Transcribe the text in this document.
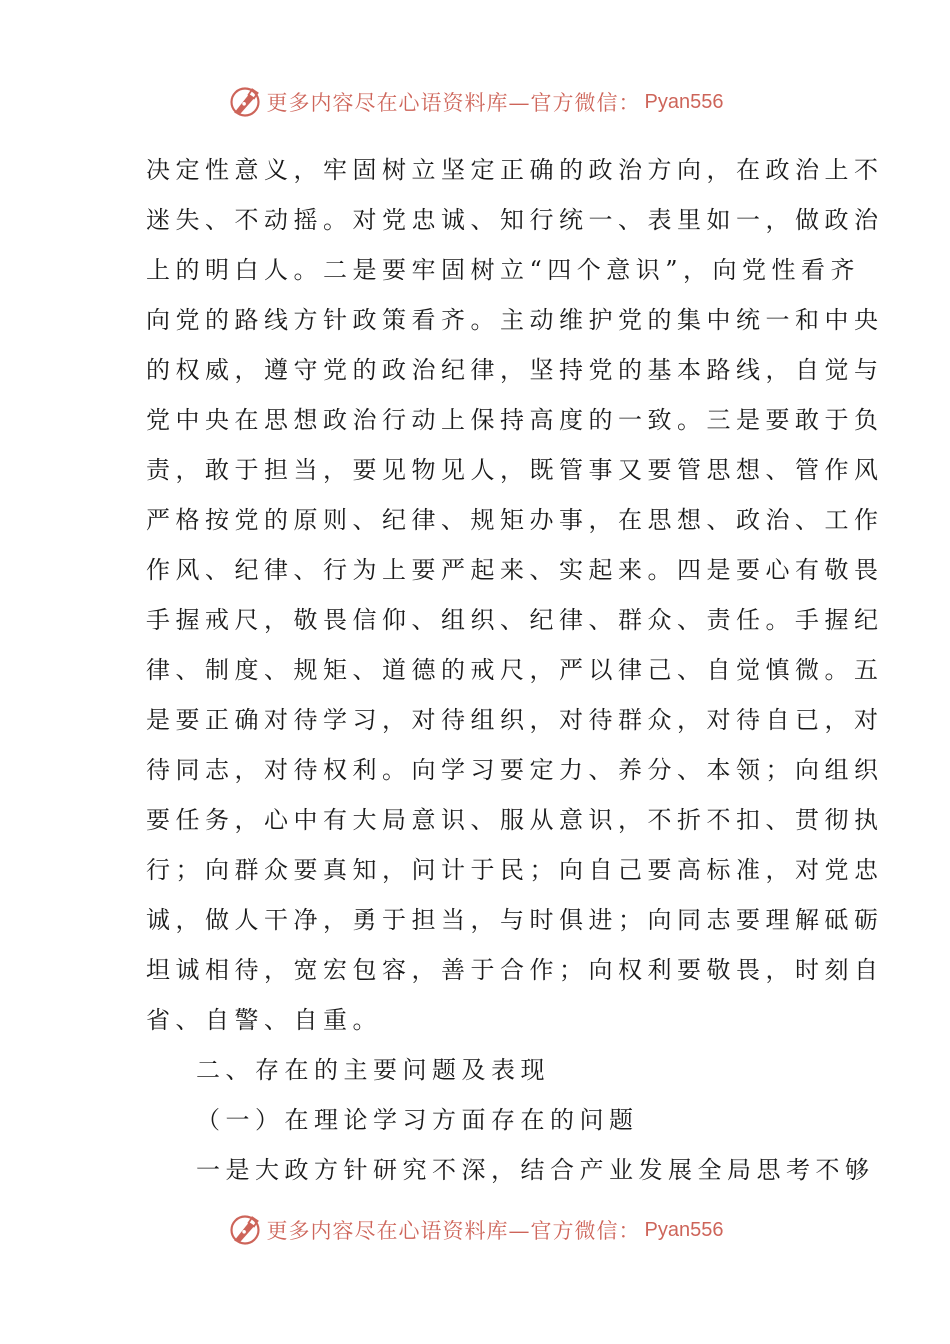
更多内容尽在心语资料库—官方微信： Pyan556
决定性意义，牢固树立坚定正确的政治方向，在政治上不
迷失、不动摇。对党忠诚、知行统一、表里如一，做政治
上的明白人。二是要牢固树立“四个意识”，向党性看齐
向党的路线方针政策看齐。主动维护党的集中统一和中央
的权威，遵守党的政治纪律，坚持党的基本路线，自觉与
党中央在思想政治行动上保持高度的一致。三是要敢于负
责，敢于担当，要见物见人，既管事又要管思想、管作风
严格按党的原则、纪律、规矩办事，在思想、政治、工作
作风、纪律、行为上要严起来、实起来。四是要心有敬畏
手握戒尺，敬畏信仰、组织、纪律、群众、责任。手握纪
律、制度、规矩、道德的戒尺，严以律己、自觉慎微。五
是要正确对待学习，对待组织，对待群众，对待自已，对
待同志，对待权利。向学习要定力、养分、本领；向组织
要任务，心中有大局意识、服从意识，不折不扣、贯彻执
行；向群众要真知，问计于民；向自己要高标准，对党忠
诚，做人干净，勇于担当，与时俱进；向同志要理解砥砺
坦诚相待，宽宏包容，善于合作；向权利要敬畏，时刻自
省、自警、自重。
二、存在的主要问题及表现
（一）在理论学习方面存在的问题
一是大政方针研究不深，结合产业发展全局思考不够
更多内容尽在心语资料库—官方微信： Pyan556
